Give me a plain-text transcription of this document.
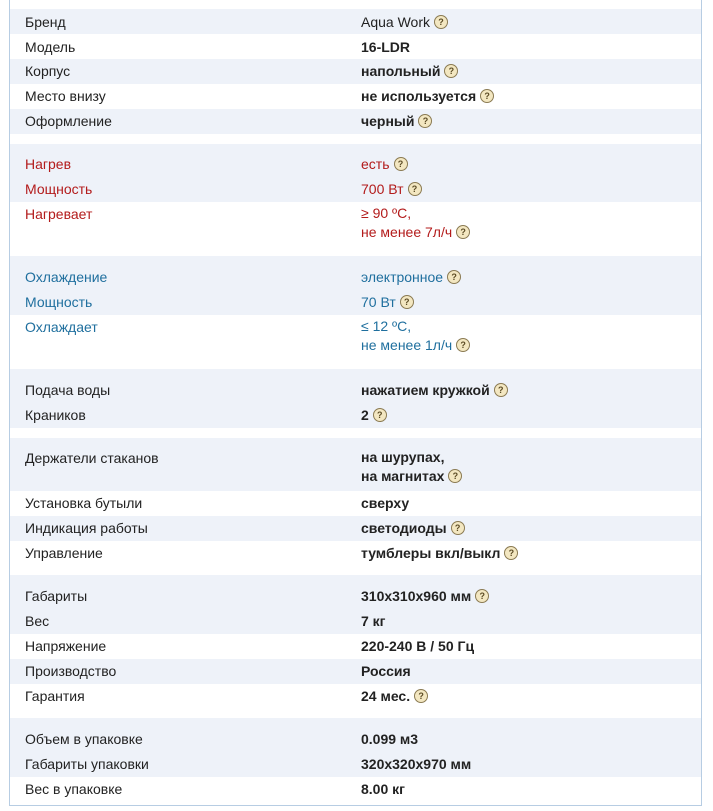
Бренд	Aqua Work ?
Модель	16-LDR
Корпус	напольный ?
Место внизу	не используется ?
Оформление	черный ?
Нагрев	есть ?
Мощность	700 Вт ?
Нагревает	≥ 90 ºС,
не менее 7л/ч ?
Охлаждение	электронное ?
Мощность	70 Вт ?
Охлаждает	≤ 12 ºС,
не менее 1л/ч ?
Подача воды	нажатием кружкой ?
Краников	2 ?
Держатели стаканов	на шурупах,
на магнитах ?
Установка бутыли	сверху
Индикация работы	светодиоды ?
Управление	тумблеры вкл/выкл ?
Габариты	310x310x960 мм ?
Вес	7 кг
Напряжение	220-240 В / 50 Гц
Производство	Россия
Гарантия	24 мес. ?
Объем в упаковке	0.099 м3
Габариты упаковки	320x320x970 мм
Вес в упаковке	8.00 кг
